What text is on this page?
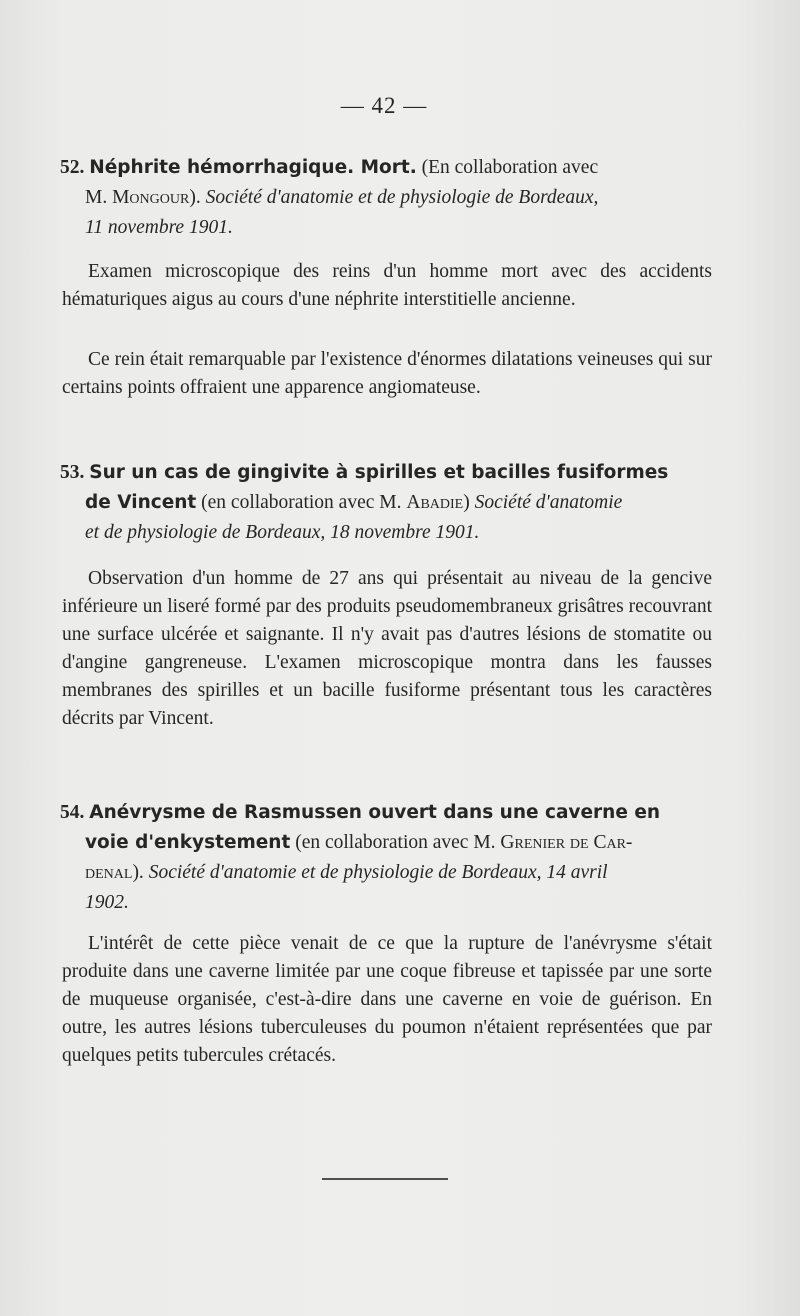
— 42 —
52. Néphrite hémorrhagique. Mort. (En collaboration avec
M. Mongour). Société d'anatomie et de physiologie de Bordeaux,
11 novembre 1901.
Examen microscopique des reins d'un homme mort avec des accidents hématuriques aigus au cours d'une néphrite interstitielle ancienne.
Ce rein était remarquable par l'existence d'énormes dilatations veineuses qui sur certains points offraient une apparence angiomateuse.
53. Sur un cas de gingivite à spirilles et bacilles fusiformes
de Vincent (en collaboration avec M. Abadie) Société d'anatomie
et de physiologie de Bordeaux, 18 novembre 1901.
Observation d'un homme de 27 ans qui présentait au niveau de la gencive inférieure un liseré formé par des produits pseudomembraneux grisâtres recouvrant une surface ulcérée et saignante. Il n'y avait pas d'autres lésions de stomatite ou d'angine gangreneuse. L'examen microscopique montra dans les fausses membranes des spirilles et un bacille fusiforme présentant tous les caractères décrits par Vincent.
54. Anévrysme de Rasmussen ouvert dans une caverne en
voie d'enkystement (en collaboration avec M. Grenier de Car-
denal). Société d'anatomie et de physiologie de Bordeaux, 14 avril
1902.
L'intérêt de cette pièce venait de ce que la rupture de l'anévrysme s'était produite dans une caverne limitée par une coque fibreuse et tapissée par une sorte de muqueuse organisée, c'est-à-dire dans une caverne en voie de guérison. En outre, les autres lésions tuberculeuses du poumon n'étaient représentées que par quelques petits tubercules crétacés.
